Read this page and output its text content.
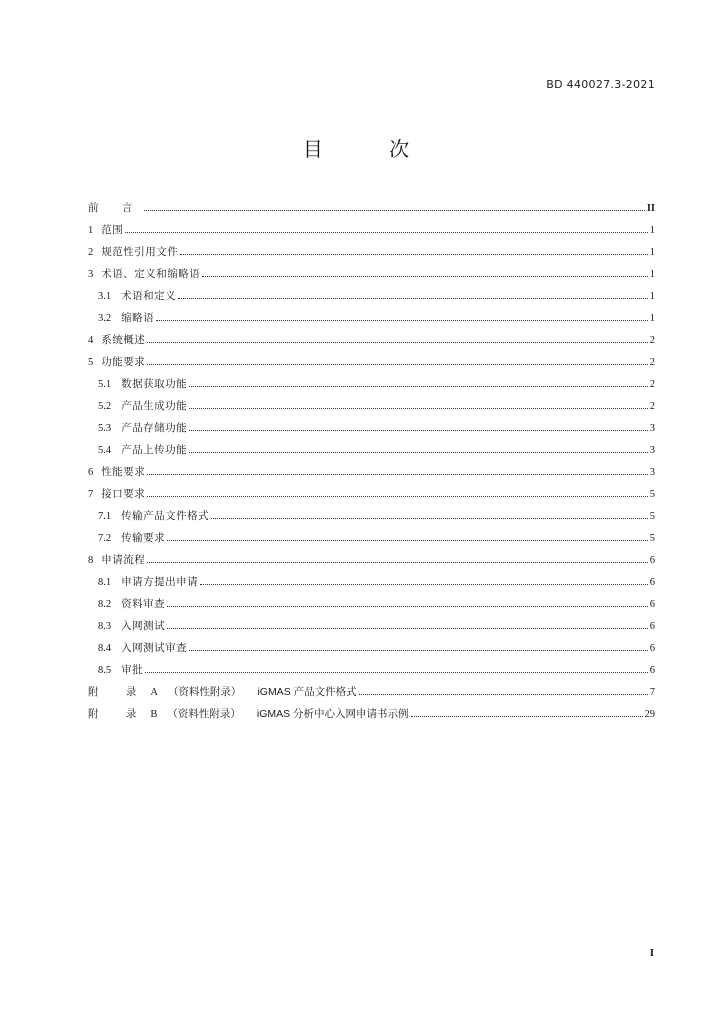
BD 440027.3-2021
目 次
前 言	II
1 范围	1
2 规范性引用文件	1
3 术语、定义和缩略语	1
3.1 术语和定义	1
3.2 缩略语	1
4 系统概述	2
5 功能要求	2
5.1 数据获取功能	2
5.2 产品生成功能	2
5.3 产品存储功能	3
5.4 产品上传功能	3
6 性能要求	3
7 接口要求	5
7.1 传输产品文件格式	5
7.2 传输要求	5
8 申请流程	6
8.1 申请方提出申请	6
8.2 资料审查	6
8.3 入网测试	6
8.4 入网测试审查	6
8.5 审批	6
附 录 A （资料性附录） iGMAS 产品文件格式	7
附 录 B （资料性附录） iGMAS 分析中心入网申请书示例	29
I
